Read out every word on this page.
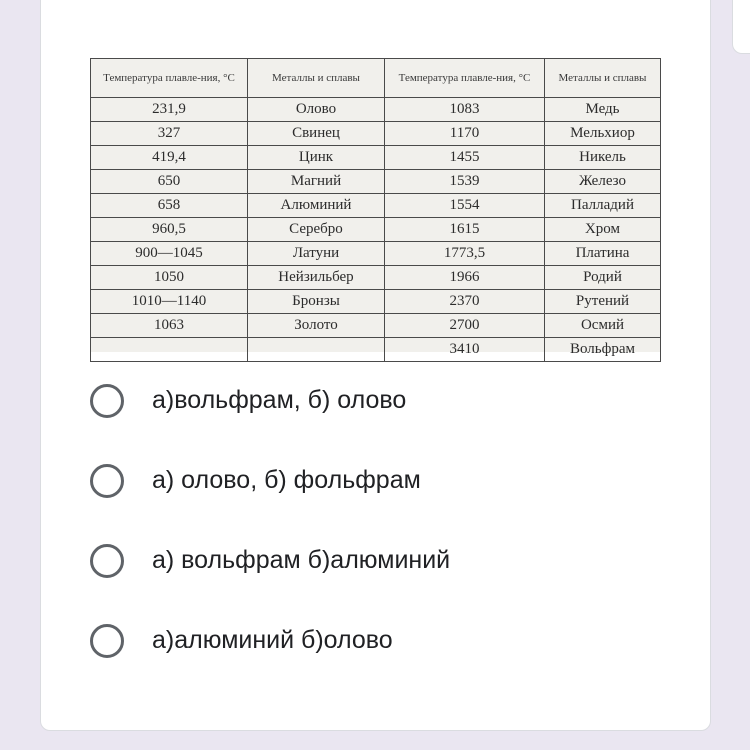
Температура плавле-ния, °С	Металлы и сплавы	Температура плавле-ния, °С	Металлы и сплавы
231,9	Олово	1083	Медь
327	Свинец	1170	Мельхиор
419,4	Цинк	1455	Никель
650	Магний	1539	Железо
658	Алюминий	1554	Палладий
960,5	Серебро	1615	Хром
900—1045	Латуни	1773,5	Платина
1050	Нейзильбер	1966	Родий
1010—1140	Бронзы	2370	Рутений
1063	Золото	2700	Осмий
		3410	Вольфрам
а)вольфрам, б) олово
а) олово, б) фольфрам
а) вольфрам б)алюминий
а)алюминий б)олово
